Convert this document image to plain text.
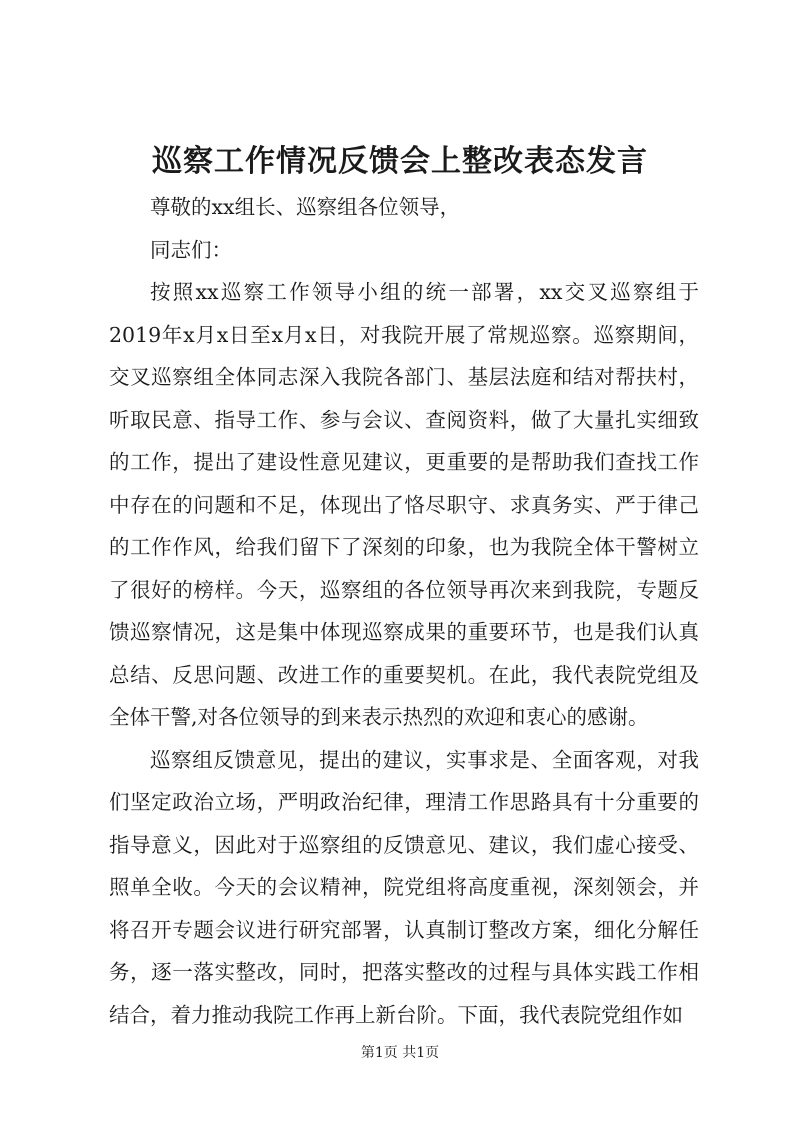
巡察工作情况反馈会上整改表态发言

尊敬的xx组长、巡察组各位领导，

同志们：

按照xx巡察工作领导小组的统一部署，xx交叉巡察组于2019年x月x日至x月x日，对我院开展了常规巡察。巡察期间，交叉巡察组全体同志深入我院各部门、基层法庭和结对帮扶村，听取民意、指导工作、参与会议、查阅资料，做了大量扎实细致的工作，提出了建设性意见建议，更重要的是帮助我们查找工作中存在的问题和不足，体现出了恪尽职守、求真务实、严于律己的工作作风，给我们留下了深刻的印象，也为我院全体干警树立了很好的榜样。今天，巡察组的各位领导再次来到我院，专题反馈巡察情况，这是集中体现巡察成果的重要环节，也是我们认真总结、反思问题、改进工作的重要契机。在此，我代表院党组及全体干警,对各位领导的到来表示热烈的欢迎和衷心的感谢。

巡察组反馈意见，提出的建议，实事求是、全面客观，对我们坚定政治立场，严明政治纪律，理清工作思路具有十分重要的指导意义，因此对于巡察组的反馈意见、建议，我们虚心接受、照单全收。今天的会议精神，院党组将高度重视，深刻领会，并将召开专题会议进行研究部署，认真制订整改方案，细化分解任务，逐一落实整改，同时，把落实整改的过程与具体实践工作相结合，着力推动我院工作再上新台阶。下面，我代表院党组作如

第1页 共1页
